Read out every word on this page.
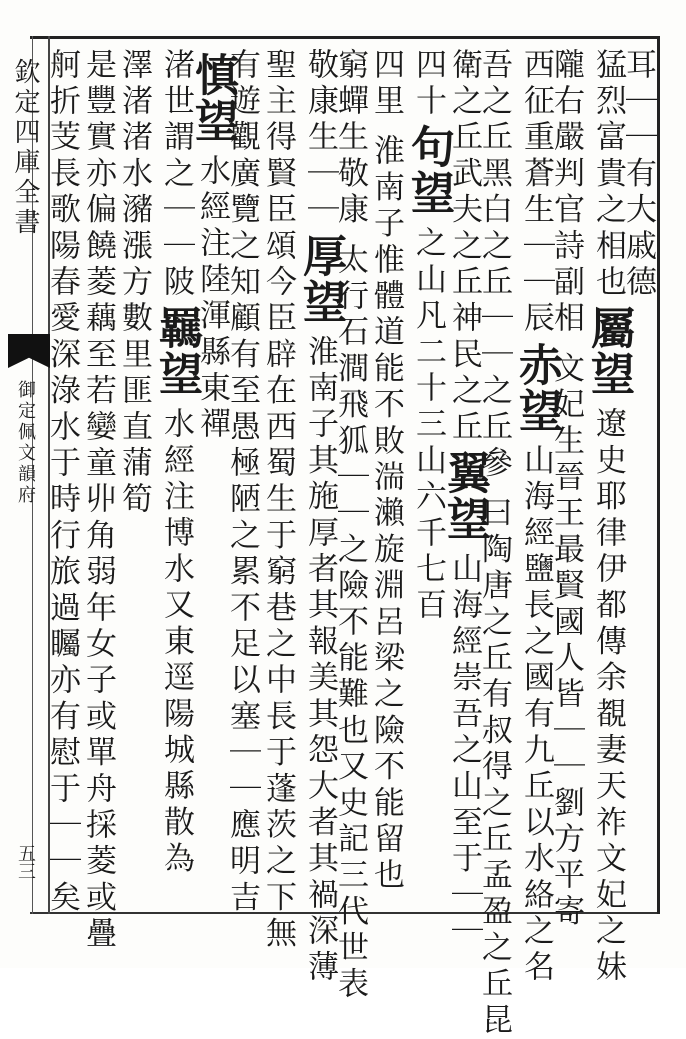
欽定四庫全書
御定佩文韻府
五三
耳｜｜有大戚德
猛烈富貴之相也屬望遼史耶律伊都傳余覩妻天祚文妃之妹
隴右嚴判官詩副相文妃生晉王最賢國人皆｜｜劉方平寄
西征重蒼生｜｜辰赤望山海經鹽長之國有九丘以水絡之名
吾之丘黑白之丘｜｜之丘參曰陶唐之丘有叔得之丘孟盈之丘昆
衛之丘武夫之丘神民之丘翼望山海經崇吾之山至于｜｜
四十句望之山凡二十三山六千七百
四里淮南子惟體道能不敗湍瀨旋淵呂梁之險不能留也
窮蟬生敬康太行石澗飛狐｜｜之險不能難也又史記三代世表
敬康生｜｜厚望淮南子其施厚者其報美其怨大者其禍深薄
聖主得賢臣頌今臣辟在西蜀生于窮巷之中長于蓬茨之下無
有遊觀廣覽之知顧有至愚極陋之累不足以塞｜｜應明吉
慎望水經注陸渾縣東禪
渚世謂之｜｜陂羈望水經注博水又東逕陽城縣散為
澤渚渚水瀦漲方數里匪直蒲筍
是豐實亦偏饒菱藕至若孌童丱角弱年女子或單舟採菱或疊
舸折芰長歌陽春愛深淥水于時行旅過矚亦有慰于｜｜矣
